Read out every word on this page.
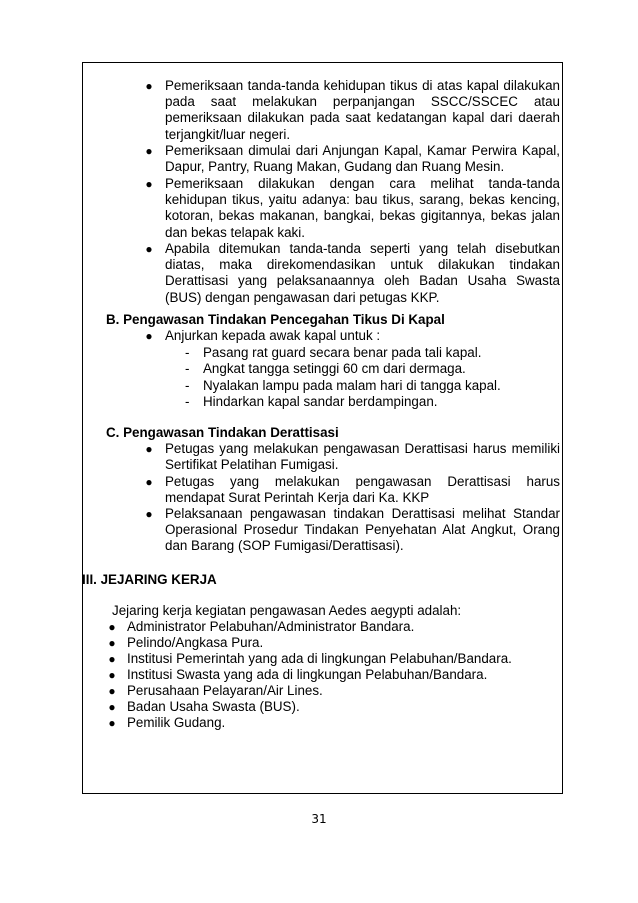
● Pemeriksaan tanda-tanda kehidupan tikus di atas kapal dilakukan pada saat melakukan perpanjangan SSCC/SSCEC atau pemeriksaan dilakukan pada saat kedatangan kapal dari daerah terjangkit/luar negeri.

● Pemeriksaan dimulai dari Anjungan Kapal, Kamar Perwira Kapal, Dapur, Pantry, Ruang Makan, Gudang dan Ruang Mesin.

● Pemeriksaan dilakukan dengan cara melihat tanda-tanda kehidupan tikus, yaitu adanya: bau tikus, sarang, bekas kencing, kotoran, bekas makanan, bangkai, bekas gigitannya, bekas jalan dan bekas telapak kaki.

● Apabila ditemukan tanda-tanda seperti yang telah disebutkan diatas, maka direkomendasikan untuk dilakukan tindakan Derattisasi yang pelaksanaannya oleh Badan Usaha Swasta (BUS) dengan pengawasan dari petugas KKP.

B. Pengawasan Tindakan Pencegahan Tikus Di Kapal

● Anjurkan kepada awak kapal untuk :

- Pasang rat guard secara benar pada tali kapal.

- Angkat tangga setinggi 60 cm dari dermaga.

- Nyalakan lampu pada malam hari di tangga kapal.

- Hindarkan kapal sandar berdampingan.

C. Pengawasan Tindakan Derattisasi

● Petugas yang melakukan pengawasan Derattisasi harus memiliki Sertifikat Pelatihan Fumigasi.

● Petugas yang melakukan pengawasan Derattisasi harus mendapat Surat Perintah Kerja dari Ka. KKP

● Pelaksanaan pengawasan tindakan Derattisasi melihat Standar Operasional Prosedur Tindakan Penyehatan Alat Angkut, Orang dan Barang (SOP Fumigasi/Derattisasi).

III. JEJARING KERJA

Jejaring kerja kegiatan pengawasan Aedes aegypti adalah:

● Administrator Pelabuhan/Administrator Bandara.

● Pelindo/Angkasa Pura.

● Institusi Pemerintah yang ada di lingkungan Pelabuhan/Bandara.

● Institusi Swasta yang ada di lingkungan Pelabuhan/Bandara.

● Perusahaan Pelayaran/Air Lines.

● Badan Usaha Swasta (BUS).

● Pemilik Gudang.

31
